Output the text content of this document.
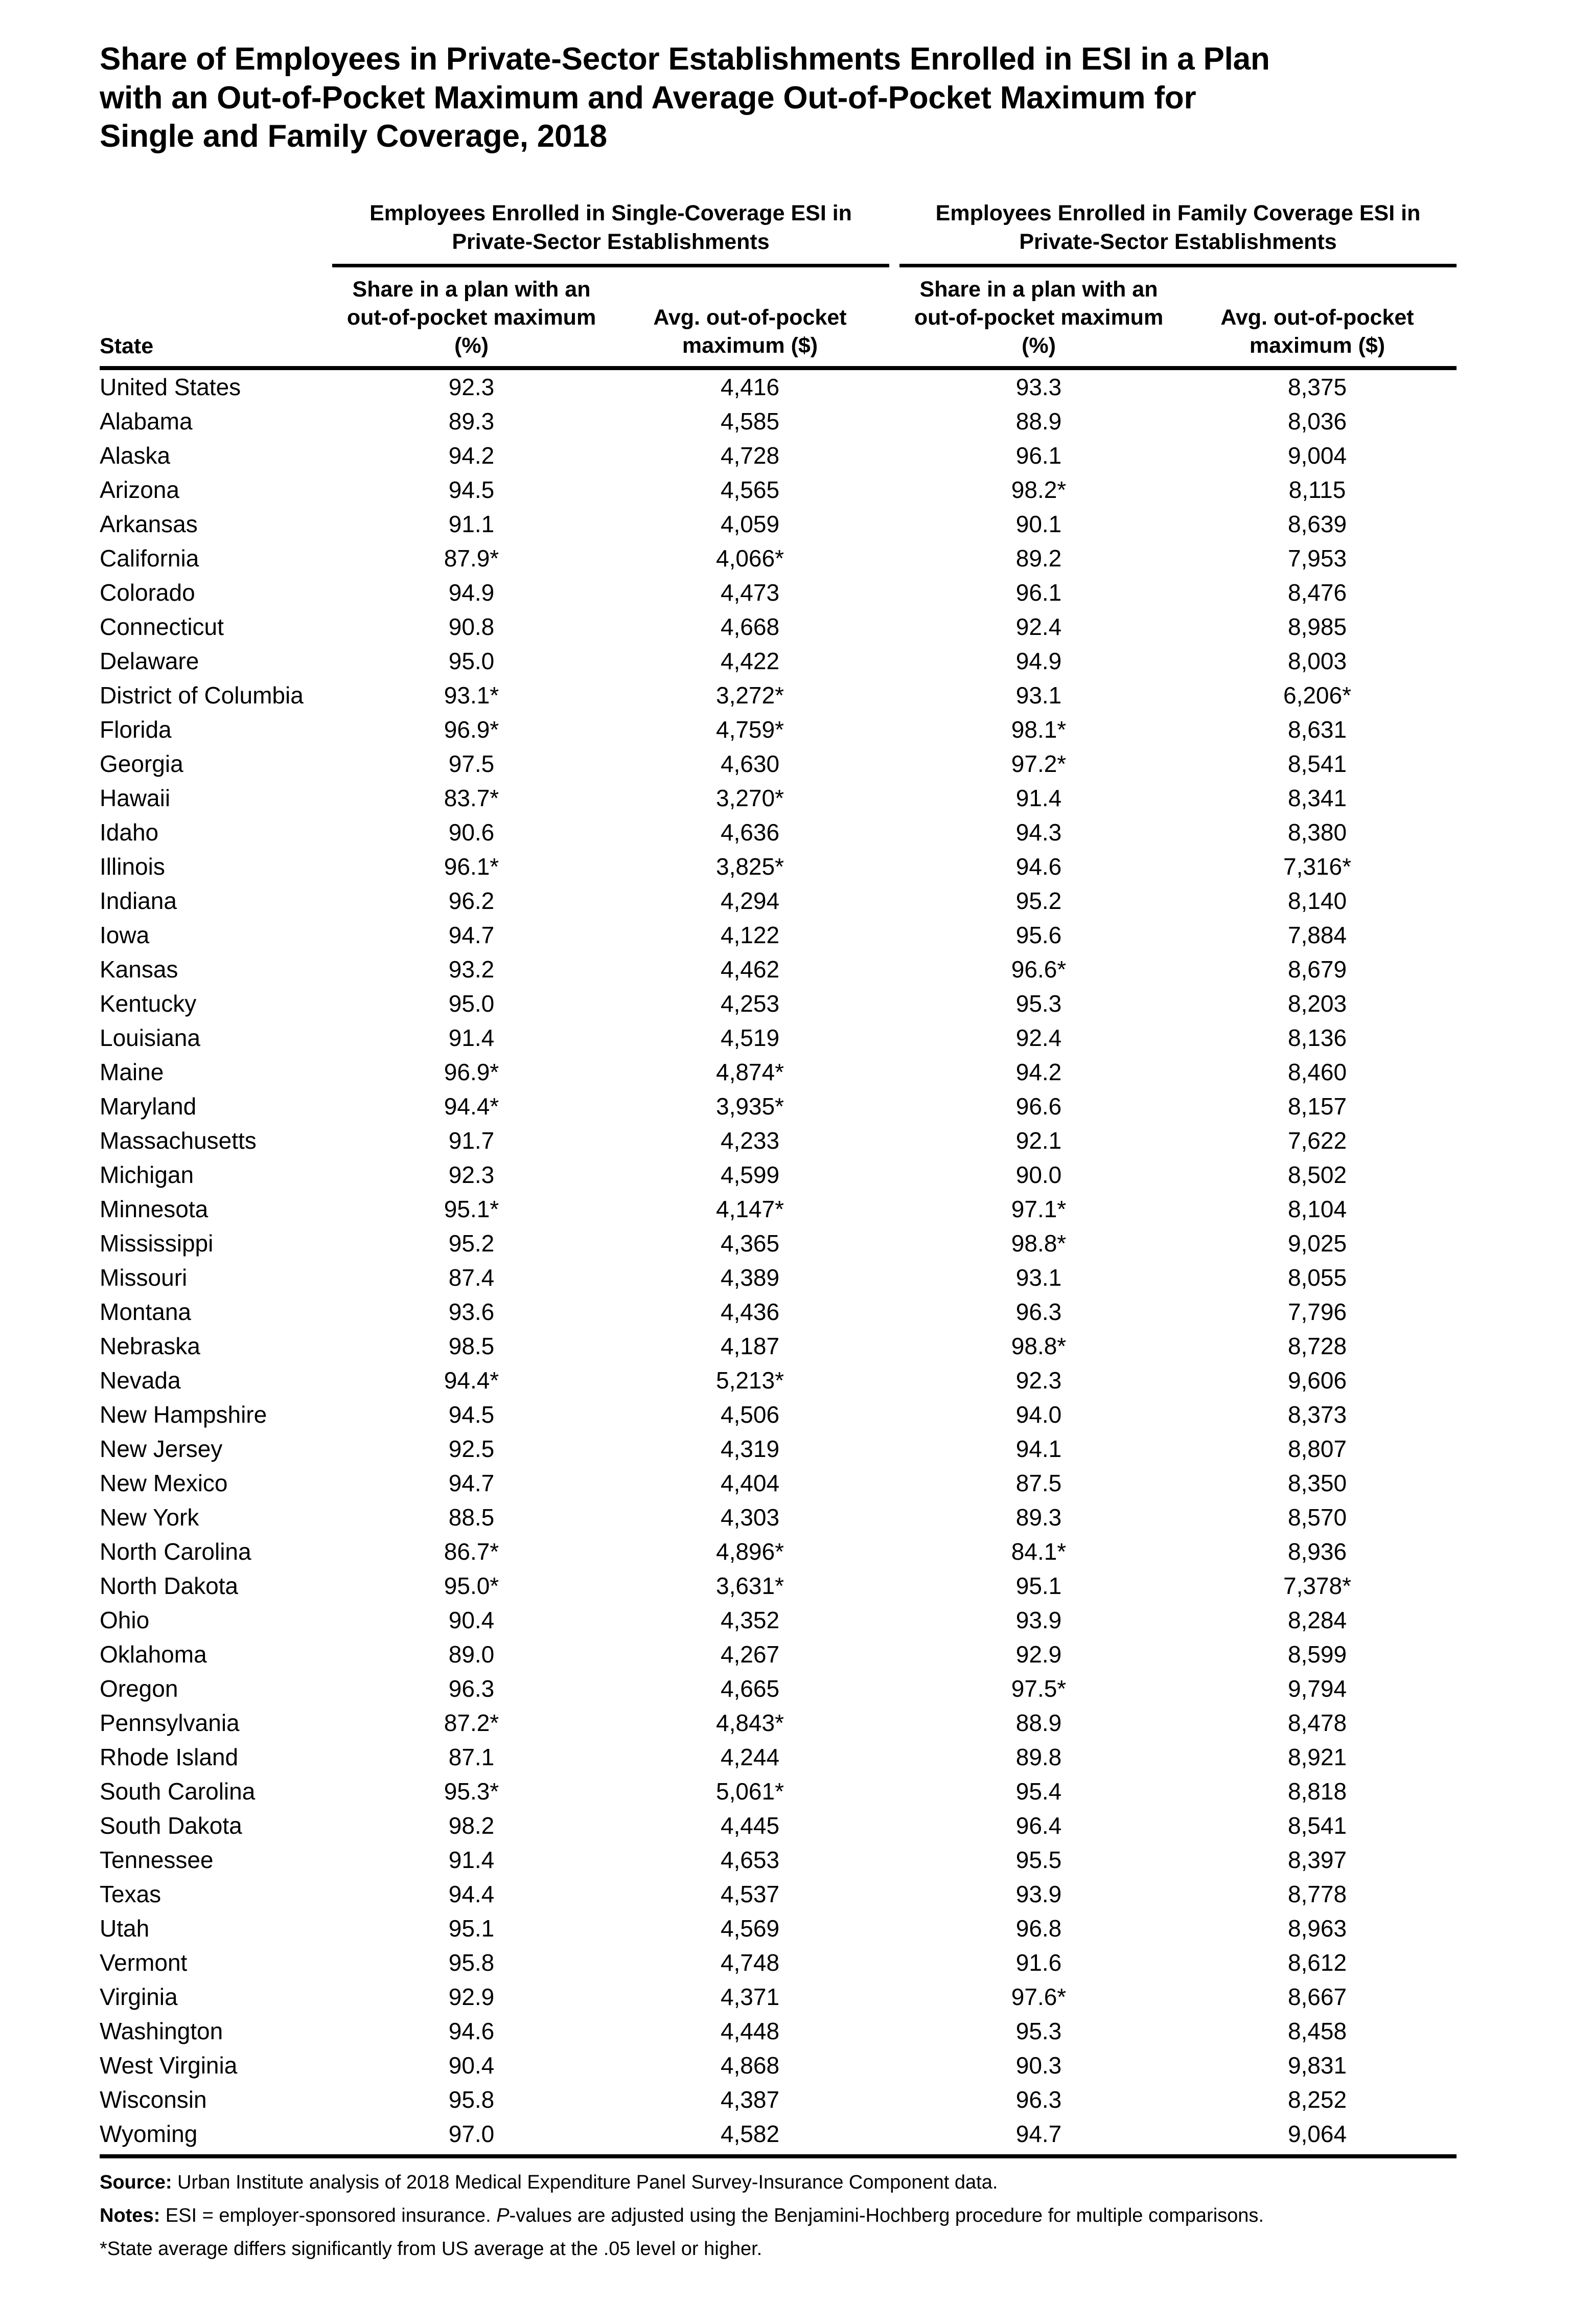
Share of Employees in Private-Sector Establishments Enrolled in ESI in a Plan
with an Out-of-Pocket Maximum and Average Out-of-Pocket Maximum for
Single and Family Coverage, 2018
Employees Enrolled in Single-Coverage ESI in
Private-Sector Establishments
Employees Enrolled in Family Coverage ESI in
Private-Sector Establishments
State
Share in a plan with an
out-of-pocket maximum
(%)
Avg. out-of-pocket
maximum ($)
Share in a plan with an
out-of-pocket maximum
(%)
Avg. out-of-pocket
maximum ($)
United States	92.3	4,416	93.3	8,375
Alabama	89.3	4,585	88.9	8,036
Alaska	94.2	4,728	96.1	9,004
Arizona	94.5	4,565	98.2*	8,115
Arkansas	91.1	4,059	90.1	8,639
California	87.9*	4,066*	89.2	7,953
Colorado	94.9	4,473	96.1	8,476
Connecticut	90.8	4,668	92.4	8,985
Delaware	95.0	4,422	94.9	8,003
District of Columbia	93.1*	3,272*	93.1	6,206*
Florida	96.9*	4,759*	98.1*	8,631
Georgia	97.5	4,630	97.2*	8,541
Hawaii	83.7*	3,270*	91.4	8,341
Idaho	90.6	4,636	94.3	8,380
Illinois	96.1*	3,825*	94.6	7,316*
Indiana	96.2	4,294	95.2	8,140
Iowa	94.7	4,122	95.6	7,884
Kansas	93.2	4,462	96.6*	8,679
Kentucky	95.0	4,253	95.3	8,203
Louisiana	91.4	4,519	92.4	8,136
Maine	96.9*	4,874*	94.2	8,460
Maryland	94.4*	3,935*	96.6	8,157
Massachusetts	91.7	4,233	92.1	7,622
Michigan	92.3	4,599	90.0	8,502
Minnesota	95.1*	4,147*	97.1*	8,104
Mississippi	95.2	4,365	98.8*	9,025
Missouri	87.4	4,389	93.1	8,055
Montana	93.6	4,436	96.3	7,796
Nebraska	98.5	4,187	98.8*	8,728
Nevada	94.4*	5,213*	92.3	9,606
New Hampshire	94.5	4,506	94.0	8,373
New Jersey	92.5	4,319	94.1	8,807
New Mexico	94.7	4,404	87.5	8,350
New York	88.5	4,303	89.3	8,570
North Carolina	86.7*	4,896*	84.1*	8,936
North Dakota	95.0*	3,631*	95.1	7,378*
Ohio	90.4	4,352	93.9	8,284
Oklahoma	89.0	4,267	92.9	8,599
Oregon	96.3	4,665	97.5*	9,794
Pennsylvania	87.2*	4,843*	88.9	8,478
Rhode Island	87.1	4,244	89.8	8,921
South Carolina	95.3*	5,061*	95.4	8,818
South Dakota	98.2	4,445	96.4	8,541
Tennessee	91.4	4,653	95.5	8,397
Texas	94.4	4,537	93.9	8,778
Utah	95.1	4,569	96.8	8,963
Vermont	95.8	4,748	91.6	8,612
Virginia	92.9	4,371	97.6*	8,667
Washington	94.6	4,448	95.3	8,458
West Virginia	90.4	4,868	90.3	9,831
Wisconsin	95.8	4,387	96.3	8,252
Wyoming	97.0	4,582	94.7	9,064
Source: Urban Institute analysis of 2018 Medical Expenditure Panel Survey-Insurance Component data.
Notes: ESI = employer-sponsored insurance. P-values are adjusted using the Benjamini-Hochberg procedure for multiple comparisons.
*State average differs significantly from US average at the .05 level or higher.
